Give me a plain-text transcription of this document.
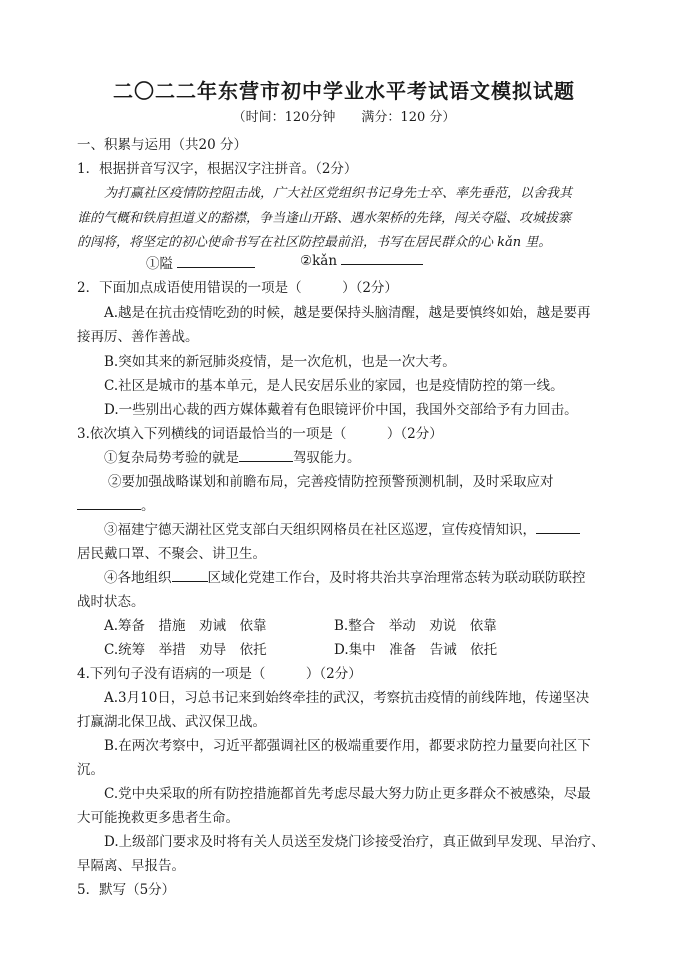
二〇二二年东营市初中学业水平考试语文模拟试题
（时间：120分钟　　满分：120 分）
一、积累与运用（共20 分）
1．根据拼音写汉字，根据汉字注拼音。（2分）
为打赢社区疫情防控阻击战，广大社区党组织书记身先士卒、率先垂范，以舍我其
谁的气概和铁肩担道义的豁襟，争当逢山开路、遇水架桥的先锋，闯关夺隘、攻城拔寨
的闯将，将坚定的初心使命书写在社区防控最前沿，书写在居民群众的心 kǎn 里。
①隘	②kǎn
2．下面加点成语使用错误的一项是（　　　）（2分）
A.越是在抗击疫情吃劲的时候，越是要保持头脑清醒，越是要慎终如始，越是要再
接再厉、善作善战。
B.突如其来的新冠肺炎疫情，是一次危机，也是一次大考。
C.社区是城市的基本单元，是人民安居乐业的家园，也是疫情防控的第一线。
D.一些别出心裁的西方媒体戴着有色眼镜评价中国，我国外交部给予有力回击。
3.依次填入下列横线的词语最恰当的一项是（　　　）（2分）
①复杂局势考验的就是	驾驭能力。
②要加强战略谋划和前瞻布局，完善疫情防控预警预测机制，及时采取应对
。
③福建宁德天湖社区党支部白天组织网格员在社区巡逻，宣传疫情知识，
居民戴口罩、不聚会、讲卫生。
④各地组织	区域化党建工作台，及时将共治共享治理常态转为联动联防联控
战时状态。
A.筹备　措施　劝诫　依靠	B.整合　举动　劝说　依靠
C.统筹　举措　劝导　依托	D.集中　准备　告诫　依托
4.下列句子没有语病的一项是（　　　）（2分）
A.3月10日，习总书记来到始终牵挂的武汉，考察抗击疫情的前线阵地，传递坚决
打赢湖北保卫战、武汉保卫战。
B.在两次考察中，习近平都强调社区的极端重要作用，都要求防控力量要向社区下
沉。
C.党中央采取的所有防控措施都首先考虑尽最大努力防止更多群众不被感染，尽最
大可能挽救更多患者生命。
D.上级部门要求及时将有关人员送至发烧门诊接受治疗，真正做到早发现、早治疗、
早隔离、早报告。
5．默写（5分）
